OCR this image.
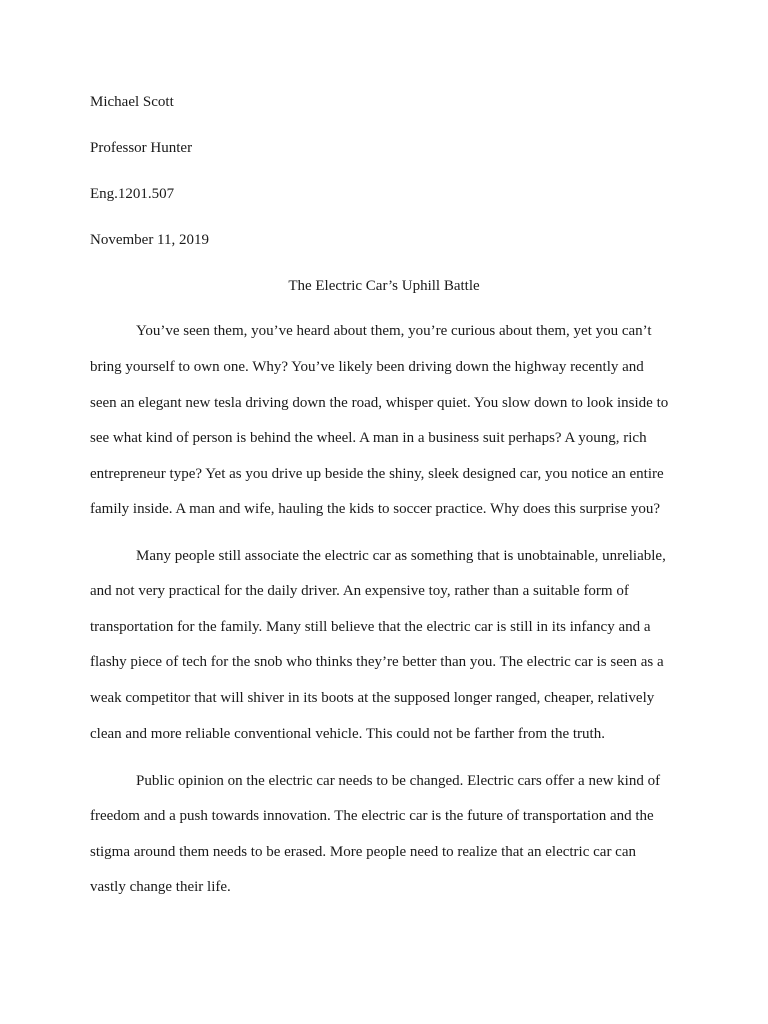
Michael Scott
Professor Hunter
Eng.1201.507
November 11, 2019
The Electric Car’s Uphill Battle
You’ve seen them, you’ve heard about them, you’re curious about them, yet you can’t
bring yourself to own one. Why? You’ve likely been driving down the highway recently and
seen an elegant new tesla driving down the road, whisper quiet. You slow down to look inside to
see what kind of person is behind the wheel. A man in a business suit perhaps? A young, rich
entrepreneur type? Yet as you drive up beside the shiny, sleek designed car, you notice an entire
family inside. A man and wife, hauling the kids to soccer practice. Why does this surprise you?
Many people still associate the electric car as something that is unobtainable, unreliable,
and not very practical for the daily driver. An expensive toy, rather than a suitable form of
transportation for the family. Many still believe that the electric car is still in its infancy and a
flashy piece of tech for the snob who thinks they’re better than you. The electric car is seen as a
weak competitor that will shiver in its boots at the supposed longer ranged, cheaper, relatively
clean and more reliable conventional vehicle. This could not be farther from the truth.
Public opinion on the electric car needs to be changed. Electric cars offer a new kind of
freedom and a push towards innovation. The electric car is the future of transportation and the
stigma around them needs to be erased. More people need to realize that an electric car can
vastly change their life.
